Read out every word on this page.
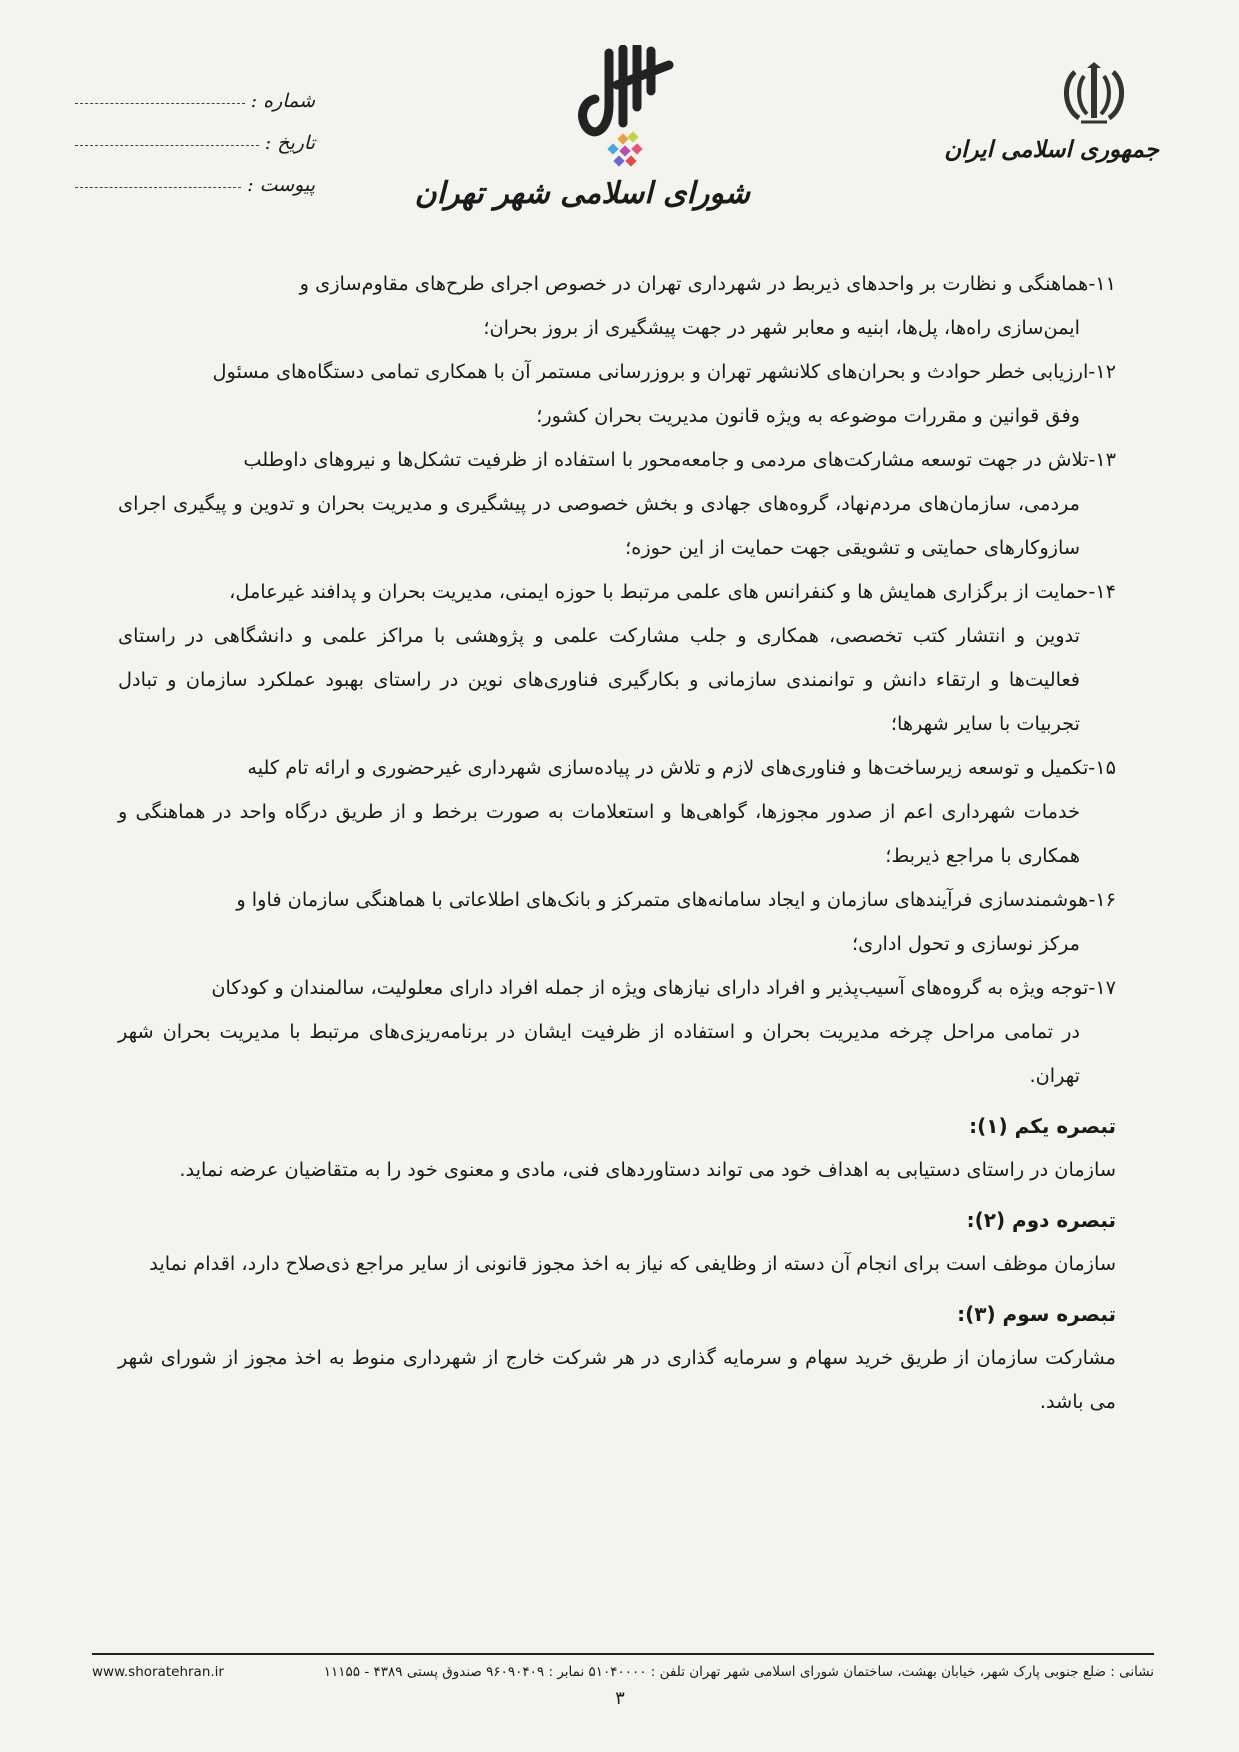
جمهوری اسلامی ایران
شورای اسلامی شهر تهران
شماره :
تاریخ :
پیوست :

۱۱-هماهنگی و نظارت بر واحدهای ذیربط در شهرداری تهران در خصوص اجرای طرح‌های مقاوم‌سازی و

ایمن‌سازی راه‌ها، پل‌ها، ابنیه و معابر شهر در جهت پیشگیری از بروز بحران؛

۱۲-ارزیابی خطر حوادث و بحران‌های کلانشهر تهران و بروزرسانی مستمر آن با همکاری تمامی دستگاه‌های مسئول

وفق قوانین و مقررات موضوعه به ویژه قانون مدیریت بحران کشور؛

۱۳-تلاش در جهت توسعه مشارکت‌های مردمی و جامعه‌محور با استفاده از ظرفیت تشکل‌ها و نیروهای داوطلب

مردمی، سازمان‌های مردم‌نهاد، گروه‌های جهادی و بخش خصوصی در پیشگیری و مدیریت بحران و تدوین و پیگیری اجرای سازوکارهای حمایتی و تشویقی جهت حمایت از این حوزه؛

۱۴-حمایت از برگزاری همایش ها و کنفرانس های علمی مرتبط با حوزه ایمنی، مدیریت بحران و پدافند غیرعامل،

تدوین و انتشار کتب تخصصی، همکاری و جلب مشارکت علمی و پژوهشی با مراکز علمی و دانشگاهی در راستای فعالیت‌ها و ارتقاء دانش و توانمندی سازمانی و بکارگیری فناوری‌های نوین در راستای بهبود عملکرد سازمان و تبادل تجربیات با سایر شهرها؛

۱۵-تکمیل و توسعه زیرساخت‌ها و فناوری‌های لازم و تلاش در پیاده‌سازی شهرداری غیرحضوری و ارائه تام کلیه

خدمات شهرداری اعم از صدور مجوزها، گواهی‌ها و استعلامات به صورت برخط و از طریق درگاه واحد در هماهنگی و همکاری با مراجع ذیربط؛

۱۶-هوشمندسازی فرآیندهای سازمان و ایجاد سامانه‌های متمرکز و بانک‌های اطلاعاتی با هماهنگی سازمان فاوا و

مرکز نوسازی و تحول اداری؛

۱۷-توجه ویژه به گروه‌های آسیب‌پذیر و افراد دارای نیازهای ویژه از جمله افراد دارای معلولیت، سالمندان و کودکان

در تمامی مراحل چرخه مدیریت بحران و استفاده از ظرفیت ایشان در برنامه‌ریزی‌های مرتبط با مدیریت بحران شهر تهران.

تبصره یکم (۱):

سازمان در راستای دستیابی به اهداف خود می تواند دستاوردهای فنی، مادی و معنوی خود را به متقاضیان عرضه نماید.

تبصره دوم (۲):

سازمان موظف است برای انجام آن دسته از وظایفی که نیاز به اخذ مجوز قانونی از سایر مراجع ذی‌صلاح دارد، اقدام نماید

تبصره سوم (۳):

مشارکت سازمان از طریق خرید سهام و سرمایه گذاری در هر شرکت خارج از شهرداری منوط به اخذ مجوز از شورای شهر می باشد.

نشانی : ضلع جنوبی پارک شهر، خیابان بهشت، ساختمان شورای اسلامی شهر تهران تلفن : ۵۱۰۴۰۰۰۰ نمابر : ۹۶۰۹۰۴۰۹ صندوق پستی ۴۳۸۹ - ۱۱۱۵۵
www.shoratehran.ir
۳
